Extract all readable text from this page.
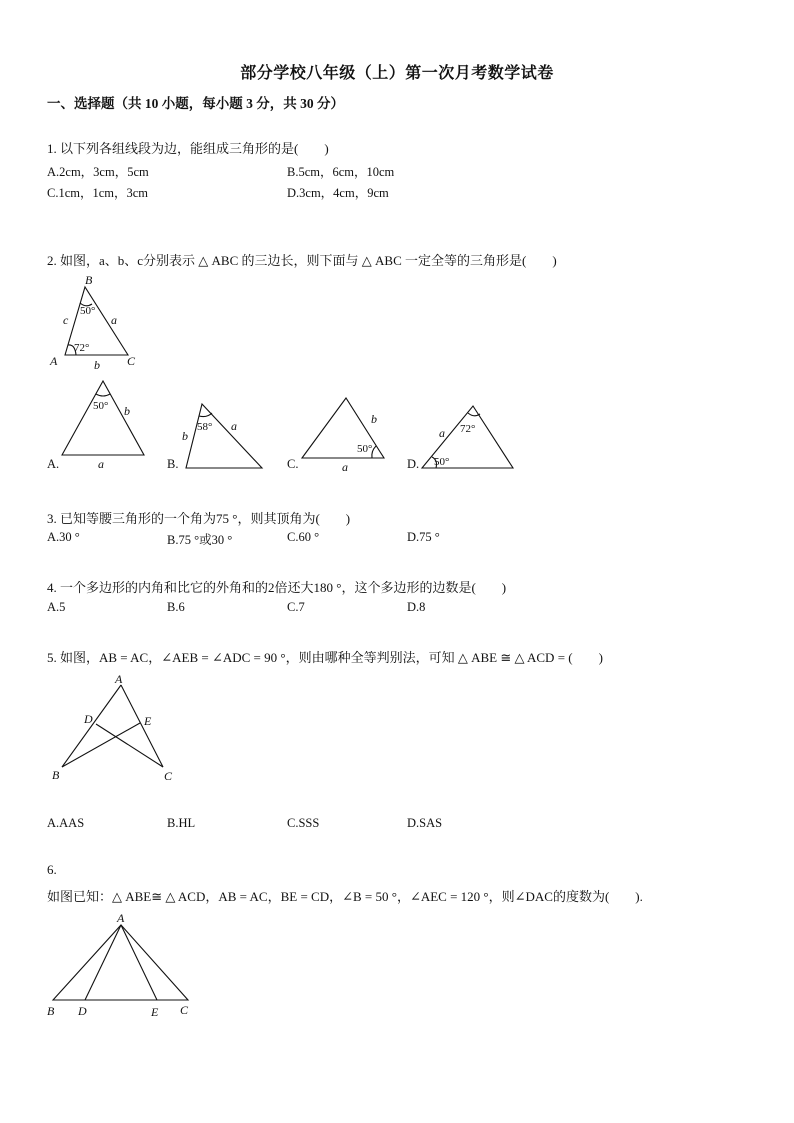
部分学校八年级（上）第一次月考数学试卷
一、选择题（共 10 小题，每小题 3 分，共 30 分）
1. 以下列各组线段为边，能组成三角形的是(　　)
A.2cm，3cm，5cm	B.5cm，6cm，10cm
C.1cm，1cm，3cm	D.3cm，4cm，9cm
2. 如图，a、b、c分别表示 △ ABC 的三边长，则下面与 △ ABC 一定全等的三角形是(　　)
B
A	C
a
b
c
50°
72°
50° b
a
58°
b
a
50°
b
a
72°
50°
a
A.	B.	C.	D.
3. 已知等腰三角形的一个角为75 °，则其顶角为(　　)
A.30 °	B.75 °或30 °	C.60 °	D.75 °
4. 一个多边形的内角和比它的外角和的2倍还大180 °，这个多边形的边数是(　　)
A.5	B.6	C.7	D.8
5. 如图，AB = AC，∠AEB = ∠ADC = 90 °，则由哪种全等判别法，可知 △ ABE ≅ △ ACD = (　　)
A
B	C
D	E
A.AAS	B.HL	C.SSS	D.SAS
6.
如图已知：△ ABE≅ △ ACD，AB = AC，BE = CD，∠B = 50 °，∠AEC = 120 °，则∠DAC的度数为(　　).
A
B D	E C
